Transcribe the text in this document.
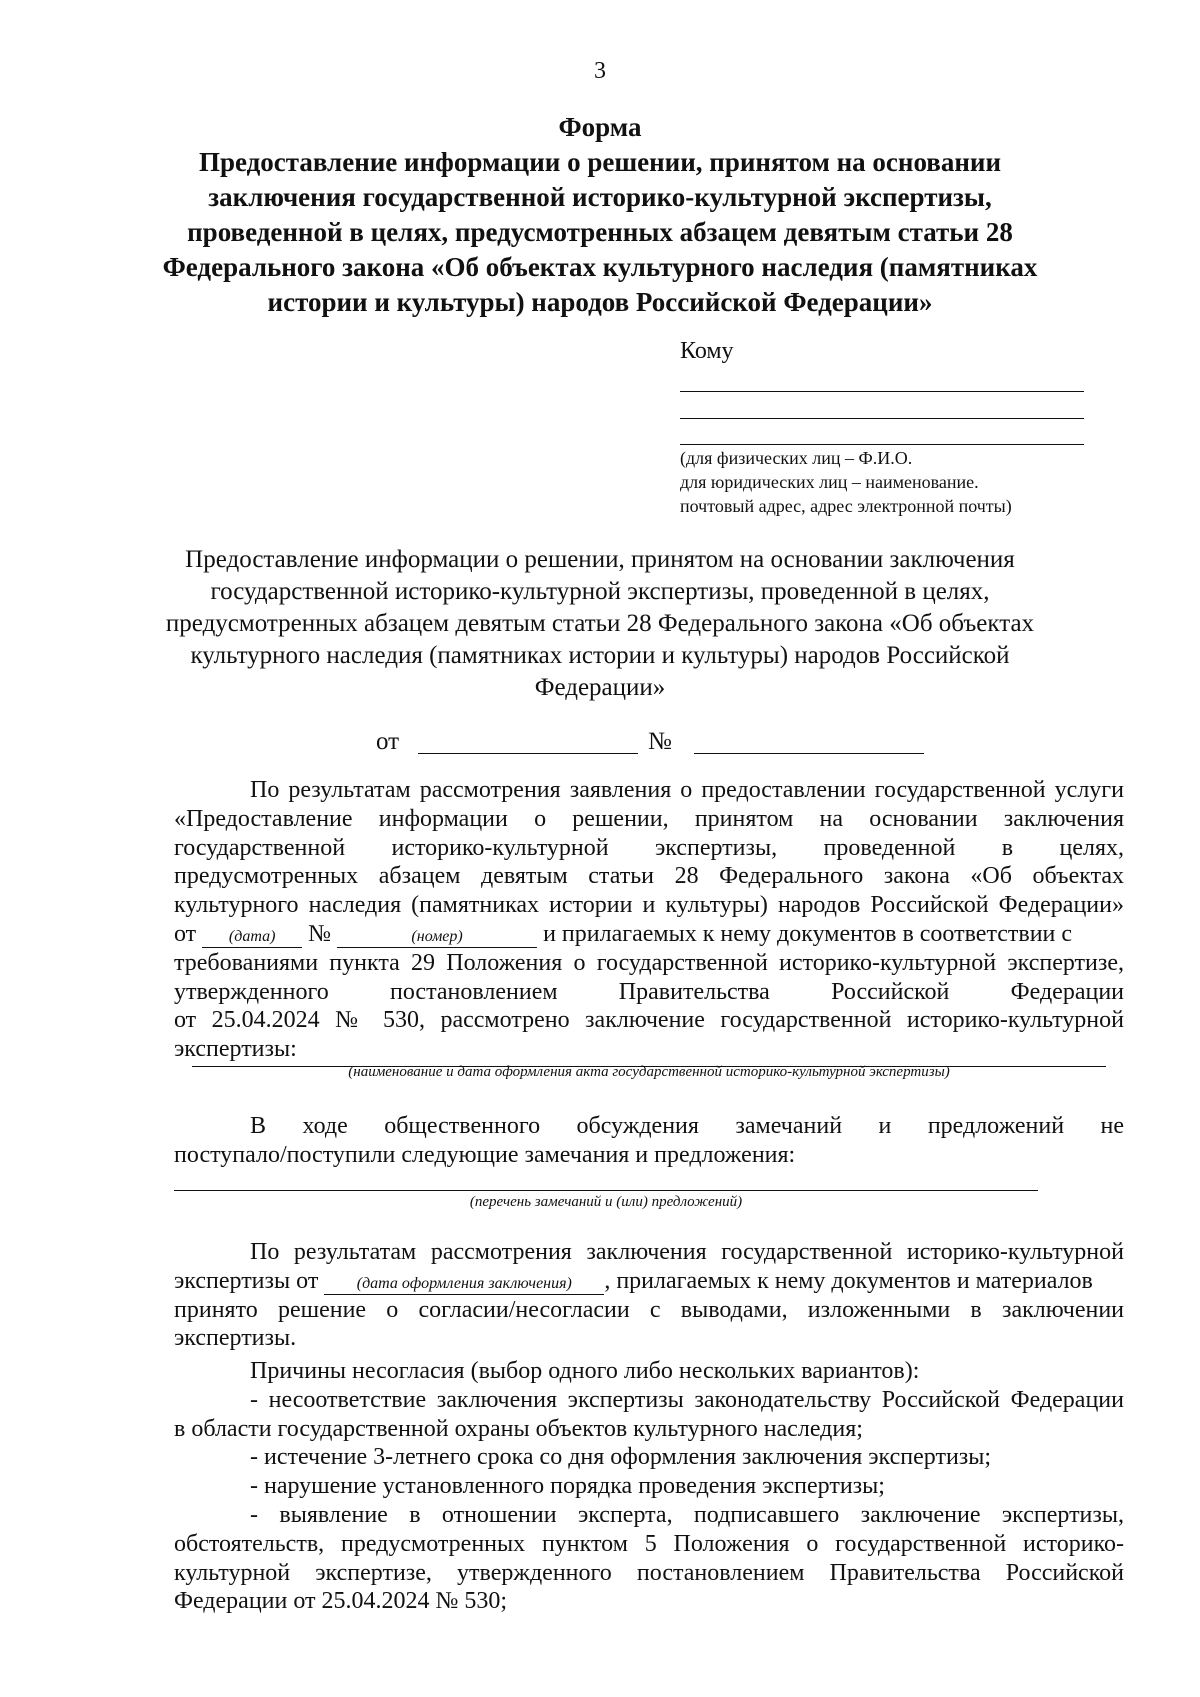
3
Форма
Предоставление информации о решении, принятом на основании
заключения государственной историко-культурной экспертизы,
проведенной в целях, предусмотренных абзацем девятым статьи 28
Федерального закона «Об объектах культурного наследия (памятниках
истории и культуры) народов Российской Федерации»
Кому
(для физических лиц – Ф.И.О.
для юридических лиц – наименование.
почтовый адрес, адрес электронной почты)
Предоставление информации о решении, принятом на основании заключения
государственной историко-культурной экспертизы, проведенной в целях,
предусмотренных абзацем девятым статьи 28 Федерального закона «Об объектах
культурного наследия (памятниках истории и культуры) народов Российской
Федерации»
от	№
По результатам рассмотрения заявления о предоставлении государственной услуги
«Предоставление информации о решении, принятом на основании заключения
государственной историко-культурной экспертизы, проведенной в целях,
предусмотренных абзацем девятым статьи 28 Федерального закона «Об объектах
культурного наследия (памятниках истории и культуры) народов Российской Федерации»
от (дата) №	(номер)	и прилагаемых к нему документов в соответствии с
требованиями пункта 29 Положения о государственной историко-культурной экспертизе,
утвержденного постановлением Правительства Российской Федерации
от 25.04.2024 № 530, рассмотрено заключение государственной историко-культурной
экспертизы:
(наименование и дата оформления акта государственной историко-культурной экспертизы)
В ходе общественного обсуждения замечаний и предложений не
поступало/поступили следующие замечания и предложения:
(перечень замечаний и (или) предложений)
По результатам рассмотрения заключения государственной историко-культурной
экспертизы от (дата оформления заключения) , прилагаемых к нему документов и материалов
принято решение о согласии/несогласии с выводами, изложенными в заключении
экспертизы.
Причины несогласия (выбор одного либо нескольких вариантов):
- несоответствие заключения экспертизы законодательству Российской Федерации
в области государственной охраны объектов культурного наследия;
- истечение 3-летнего срока со дня оформления заключения экспертизы;
- нарушение установленного порядка проведения экспертизы;
- выявление в отношении эксперта, подписавшего заключение экспертизы,
обстоятельств, предусмотренных пунктом 5 Положения о государственной историко-
культурной экспертизе, утвержденного постановлением Правительства Российской
Федерации от 25.04.2024 № 530;
